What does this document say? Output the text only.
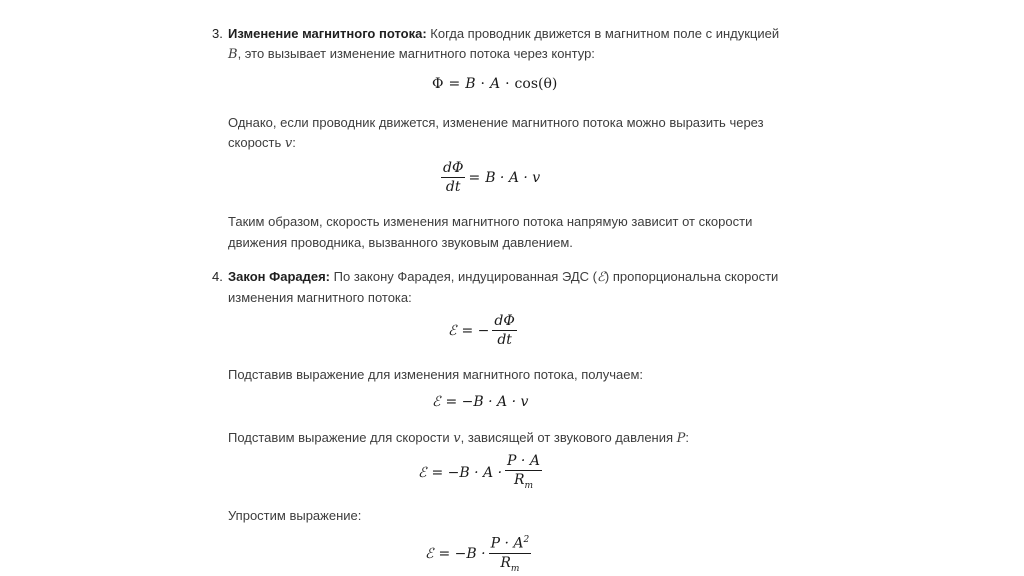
3. Изменение магнитного потока: Когда проводник движется в магнитном поле с индукцией
B, это вызывает изменение магнитного потока через контур:
Φ = B · A · cos(θ)
Однако, если проводник движется, изменение магнитного потока можно выразить через
скорость v:
$\frac{d\Phi}{dt} = B \cdot A \cdot v$
Таким образом, скорость изменения магнитного потока напрямую зависит от скорости
движения проводника, вызванного звуковым давлением.
4. Закон Фарадея: По закону Фарадея, индуцированная ЭДС (ℰ) пропорциональна скорости
изменения магнитного потока:
ℰ = − $\frac{d\Phi}{dt}$
Подставив выражение для изменения магнитного потока, получаем:
ℰ = −B · A · v
Подставим выражение для скорости v, зависящей от звукового давления P:
ℰ = $-B \cdot A \cdot \frac{P \cdot A}{R_m}$
Упростим выражение:
ℰ = $-B \cdot \frac{P \cdot A^2}{R_m}$
